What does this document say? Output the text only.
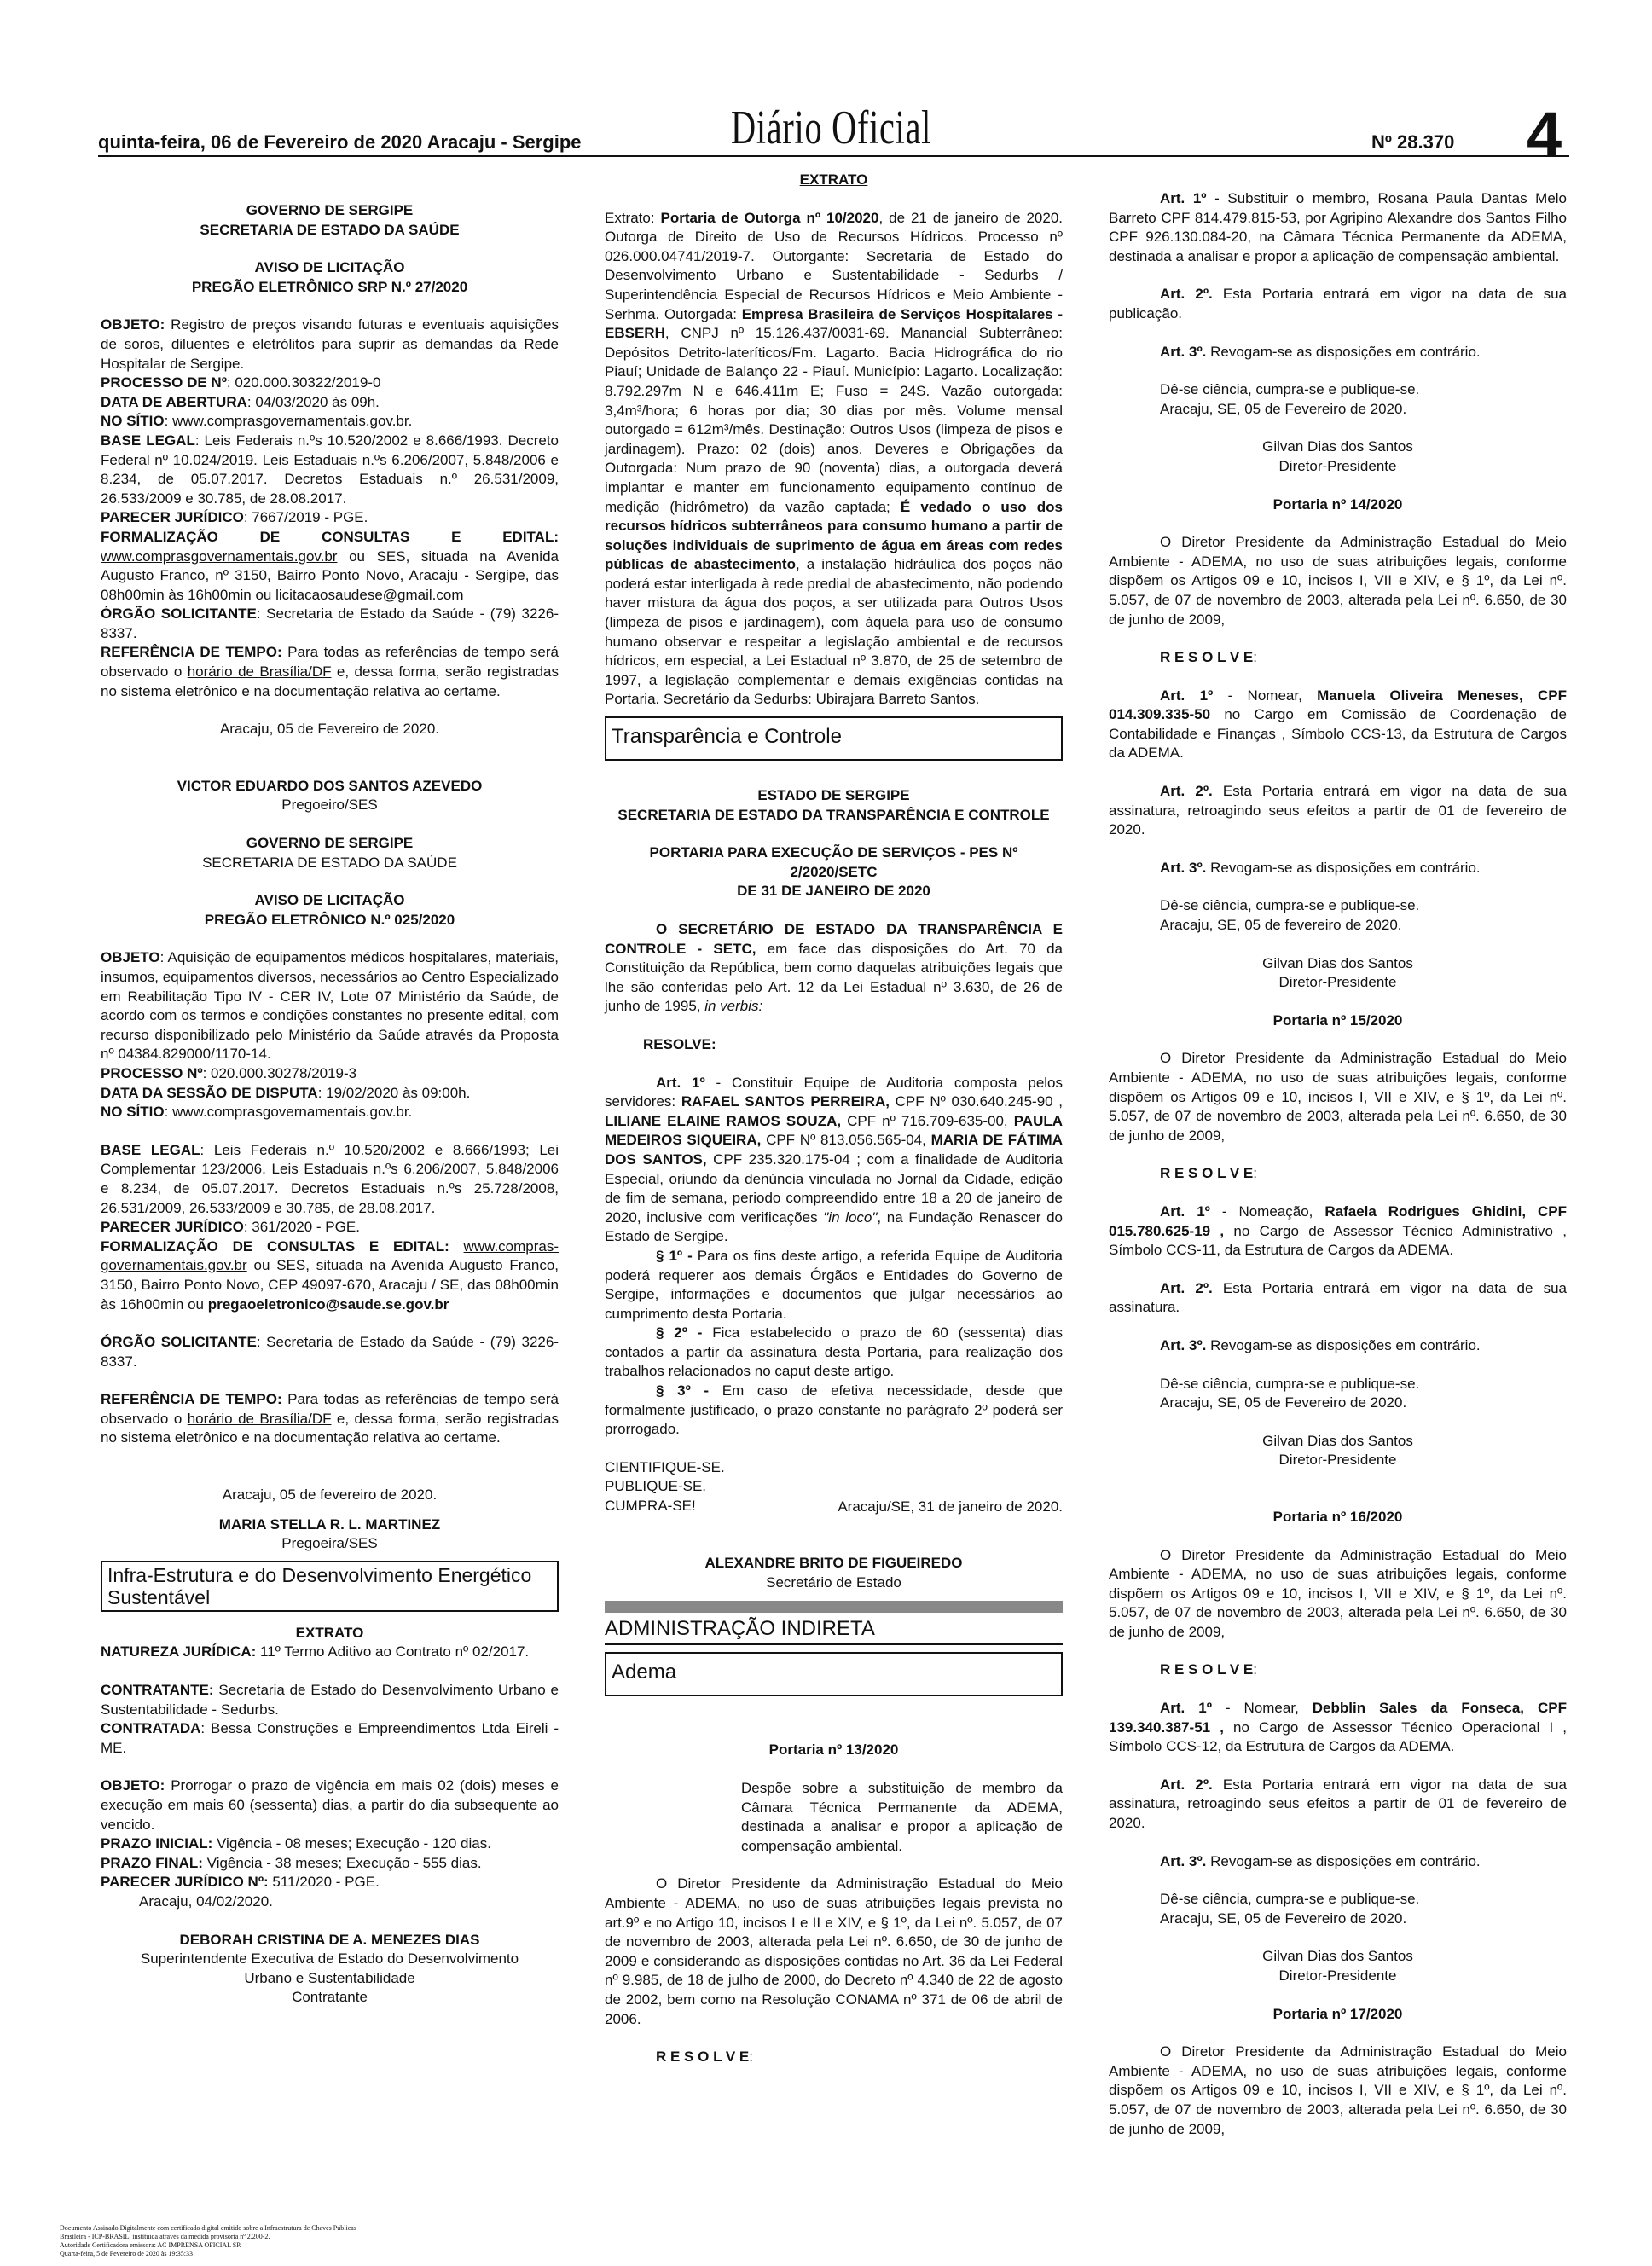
quinta-feira, 06 de Fevereiro de 2020 Aracaju - Sergipe	Diário Oficial	Nº 28.370 4

GOVERNO DE SERGIPE

SECRETARIA DE ESTADO DA SAÚDE

AVISO DE LICITAÇÃO

PREGÃO ELETRÔNICO SRP N.º 27/2020

OBJETO: Registro de preços visando futuras e eventuais aquisições de soros, diluentes e eletrólitos para suprir as demandas da Rede Hospitalar de Sergipe.

PROCESSO DE Nº: 020.000.30322/2019-0

DATA DE ABERTURA: 04/03/2020 às 09h.

NO SÍTIO: www.comprasgovernamentais.gov.br.

BASE LEGAL: Leis Federais n.ºs 10.520/2002 e 8.666/1993. Decreto Federal nº 10.024/2019. Leis Estaduais n.ºs 6.206/2007, 5.848/2006 e 8.234, de 05.07.2017. Decretos Estaduais n.º 26.531/2009, 26.533/2009 e 30.785, de 28.08.2017.

PARECER JURÍDICO: 7667/2019 - PGE.

FORMALIZAÇÃO DE CONSULTAS E EDITAL: www.comprasgovernamentais.gov.br ou SES, situada na Avenida Augusto Franco, nº 3150, Bairro Ponto Novo, Aracaju - Sergipe, das 08h00min às 16h00min ou licitacaosaudese@gmail.com

ÓRGÃO SOLICITANTE: Secretaria de Estado da Saúde - (79) 3226-8337.

REFERÊNCIA DE TEMPO: Para todas as referências de tempo será observado o horário de Brasília/DF e, dessa forma, serão registradas no sistema eletrônico e na documentação relativa ao certame.

Aracaju, 05 de Fevereiro de 2020.

VICTOR EDUARDO DOS SANTOS AZEVEDO

Pregoeiro/SES

GOVERNO DE SERGIPE

SECRETARIA DE ESTADO DA SAÚDE

AVISO DE LICITAÇÃO

PREGÃO ELETRÔNICO N.º 025/2020

OBJETO: Aquisição de equipamentos médicos hospitalares, materiais, insumos, equipamentos diversos, necessários ao Centro Especializado em Reabilitação Tipo IV - CER IV, Lote 07 Ministério da Saúde, de acordo com os termos e condições constantes no presente edital, com recurso disponibilizado pelo Ministério da Saúde através da Proposta nº 04384.829000/1170-14.

PROCESSO Nº: 020.000.30278/2019-3

DATA DA SESSÃO DE DISPUTA: 19/02/2020 às 09:00h.

NO SÍTIO: www.comprasgovernamentais.gov.br.

BASE LEGAL: Leis Federais n.º 10.520/2002 e 8.666/1993; Lei Complementar 123/2006. Leis Estaduais n.ºs 6.206/2007, 5.848/2006 e 8.234, de 05.07.2017. Decretos Estaduais n.ºs 25.728/2008, 26.531/2009, 26.533/2009 e 30.785, de 28.08.2017.

PARECER JURÍDICO: 361/2020 - PGE.

FORMALIZAÇÃO DE CONSULTAS E EDITAL: www.compras-governamentais.gov.br ou SES, situada na Avenida Augusto Franco, 3150, Bairro Ponto Novo, CEP 49097-670, Aracaju / SE, das 08h00min às 16h00min ou pregaoeletronico@saude.se.gov.br

ÓRGÃO SOLICITANTE: Secretaria de Estado da Saúde - (79) 3226-8337.

REFERÊNCIA DE TEMPO: Para todas as referências de tempo será observado o horário de Brasília/DF e, dessa forma, serão registradas no sistema eletrônico e na documentação relativa ao certame.

Aracaju, 05 de fevereiro de 2020.

MARIA STELLA R. L. MARTINEZ

Pregoeira/SES

Infra-Estrutura e do Desenvolvimento Energético Sustentável

EXTRATO

NATUREZA JURÍDICA: 11º Termo Aditivo ao Contrato nº 02/2017.

CONTRATANTE: Secretaria de Estado do Desenvolvimento Urbano e Sustentabilidade - Sedurbs.

CONTRATADA: Bessa Construções e Empreendimentos Ltda Eireli - ME.

OBJETO: Prorrogar o prazo de vigência em mais 02 (dois) meses e execução em mais 60 (sessenta) dias, a partir do dia subsequente ao vencido.

PRAZO INICIAL: Vigência - 08 meses; Execução - 120 dias.

PRAZO FINAL: Vigência - 38 meses; Execução - 555 dias.

PARECER JURÍDICO Nº: 511/2020 - PGE.

Aracaju, 04/02/2020.

DEBORAH CRISTINA DE A. MENEZES DIAS

Superintendente Executiva de Estado do Desenvolvimento

Urbano e Sustentabilidade

Contratante

EXTRATO

Extrato: Portaria de Outorga nº 10/2020, de 21 de janeiro de 2020. Outorga de Direito de Uso de Recursos Hídricos. Processo nº 026.000.04741/2019-7. Outorgante: Secretaria de Estado do Desenvolvimento Urbano e Sustentabilidade - Sedurbs / Superintendência Especial de Recursos Hídricos e Meio Ambiente - Serhma. Outorgada: Empresa Brasileira de Serviços Hospitalares - EBSERH, CNPJ nº 15.126.437/0031-69. Manancial Subterrâneo: Depósitos Detrito-lateríticos/Fm. Lagarto. Bacia Hidrográfica do rio Piauí; Unidade de Balanço 22 - Piauí. Município: Lagarto. Localização: 8.792.297m N e 646.411m E; Fuso = 24S. Vazão outorgada: 3,4m³/hora; 6 horas por dia; 30 dias por mês. Volume mensal outorgado = 612m³/mês. Destinação: Outros Usos (limpeza de pisos e jardinagem). Prazo: 02 (dois) anos. Deveres e Obrigações da Outorgada: Num prazo de 90 (noventa) dias, a outorgada deverá implantar e manter em funcionamento equipamento contínuo de medição (hidrômetro) da vazão captada; É vedado o uso dos recursos hídricos subterrâneos para consumo humano a partir de soluções individuais de suprimento de água em áreas com redes públicas de abastecimento, a instalação hidráulica dos poços não poderá estar interligada à rede predial de abastecimento, não podendo haver mistura da água dos poços, a ser utilizada para Outros Usos (limpeza de pisos e jardinagem), com àquela para uso de consumo humano observar e respeitar a legislação ambiental e de recursos hídricos, em especial, a Lei Estadual nº 3.870, de 25 de setembro de 1997, a legislação complementar e demais exigências contidas na Portaria. Secretário da Sedurbs: Ubirajara Barreto Santos.

Transparência e Controle

ESTADO DE SERGIPE

SECRETARIA DE ESTADO DA TRANSPARÊNCIA E CONTROLE

PORTARIA PARA EXECUÇÃO DE SERVIÇOS - PES Nº 2/2020/SETC

DE 31 DE JANEIRO DE 2020

O SECRETÁRIO DE ESTADO DA TRANSPARÊNCIA E CONTROLE - SETC, em face das disposições do Art. 70 da Constituição da República, bem como daquelas atribuições legais que lhe são conferidas pelo Art. 12 da Lei Estadual nº 3.630, de 26 de junho de 1995, in verbis:

RESOLVE:

Art. 1º - Constituir Equipe de Auditoria composta pelos servidores: RAFAEL SANTOS PERREIRA, CPF Nº 030.640.245-90 , LILIANE ELAINE RAMOS SOUZA, CPF nº 716.709-635-00, PAULA MEDEIROS SIQUEIRA, CPF Nº 813.056.565-04, MARIA DE FÁTIMA DOS SANTOS, CPF 235.320.175-04 ; com a finalidade de Auditoria Especial, oriundo da denúncia vinculada no Jornal da Cidade, edição de fim de semana, periodo compreendido entre 18 a 20 de janeiro de 2020, inclusive com verificações "in loco", na Fundação Renascer do Estado de Sergipe.

§ 1º - Para os fins deste artigo, a referida Equipe de Auditoria poderá requerer aos demais Órgãos e Entidades do Governo de Sergipe, informações e documentos que julgar necessários ao cumprimento desta Portaria.

§ 2º - Fica estabelecido o prazo de 60 (sessenta) dias contados a partir da assinatura desta Portaria, para realização dos trabalhos relacionados no caput deste artigo.

§ 3º - Em caso de efetiva necessidade, desde que formalmente justificado, o prazo constante no parágrafo 2º poderá ser prorrogado.

CIENTIFIQUE-SE.

PUBLIQUE-SE.

CUMPRA-SE!	Aracaju/SE, 31 de janeiro de 2020.

ALEXANDRE BRITO DE FIGUEIREDO

Secretário de Estado

ADMINISTRAÇÃO INDIRETA
Adema

Portaria nº 13/2020

Despõe sobre a substituição de membro da Câmara Técnica Permanente da ADEMA, destinada a analisar e propor a aplicação de compensação ambiental.

O Diretor Presidente da Administração Estadual do Meio Ambiente - ADEMA, no uso de suas atribuições legais prevista no art.9º e no Artigo 10, incisos I e II e XIV, e § 1º, da Lei nº. 5.057, de 07 de novembro de 2003, alterada pela Lei nº. 6.650, de 30 de junho de 2009 e considerando as disposições contidas no Art. 36 da Lei Federal nº 9.985, de 18 de julho de 2000, do Decreto nº 4.340 de 22 de agosto de 2002, bem como na Resolução CONAMA nº 371 de 06 de abril de 2006.

R E S O L V E:

Art. 1º - Substituir o membro, Rosana Paula Dantas Melo Barreto CPF 814.479.815-53, por Agripino Alexandre dos Santos Filho CPF 926.130.084-20, na Câmara Técnica Permanente da ADEMA, destinada a analisar e propor a aplicação de compensação ambiental.

Art. 2º. Esta Portaria entrará em vigor na data de sua publicação.

Art. 3º. Revogam-se as disposições em contrário.

Dê-se ciência, cumpra-se e publique-se.

Aracaju, SE, 05 de Fevereiro de 2020.

Gilvan Dias dos Santos

Diretor-Presidente

Portaria nº 14/2020

O Diretor Presidente da Administração Estadual do Meio Ambiente - ADEMA, no uso de suas atribuições legais, conforme dispõem os Artigos 09 e 10, incisos I, VII e XIV, e § 1º, da Lei nº. 5.057, de 07 de novembro de 2003, alterada pela Lei nº. 6.650, de 30 de junho de 2009,

R E S O L V E:

Art. 1º - Nomear, Manuela Oliveira Meneses, CPF 014.309.335-50 no Cargo em Comissão de Coordenação de Contabilidade e Finanças , Símbolo CCS-13, da Estrutura de Cargos da ADEMA.

Art. 2º. Esta Portaria entrará em vigor na data de sua assinatura, retroagindo seus efeitos a partir de 01 de fevereiro de 2020.

Art. 3º. Revogam-se as disposições em contrário.

Dê-se ciência, cumpra-se e publique-se.

Aracaju, SE, 05 de fevereiro de 2020.

Gilvan Dias dos Santos

Diretor-Presidente

Portaria nº 15/2020

O Diretor Presidente da Administração Estadual do Meio Ambiente - ADEMA, no uso de suas atribuições legais, conforme dispõem os Artigos 09 e 10, incisos I, VII e XIV, e § 1º, da Lei nº. 5.057, de 07 de novembro de 2003, alterada pela Lei nº. 6.650, de 30 de junho de 2009,

R E S O L V E:

Art. 1º - Nomeação, Rafaela Rodrigues Ghidini, CPF 015.780.625-19 , no Cargo de Assessor Técnico Administrativo , Símbolo CCS-11, da Estrutura de Cargos da ADEMA.

Art. 2º. Esta Portaria entrará em vigor na data de sua assinatura.

Art. 3º. Revogam-se as disposições em contrário.

Dê-se ciência, cumpra-se e publique-se.

Aracaju, SE, 05 de Fevereiro de 2020.

Gilvan Dias dos Santos

Diretor-Presidente

Portaria nº 16/2020

O Diretor Presidente da Administração Estadual do Meio Ambiente - ADEMA, no uso de suas atribuições legais, conforme dispõem os Artigos 09 e 10, incisos I, VII e XIV, e § 1º, da Lei nº. 5.057, de 07 de novembro de 2003, alterada pela Lei nº. 6.650, de 30 de junho de 2009,

R E S O L V E:

Art. 1º - Nomear, Debblin Sales da Fonseca, CPF 139.340.387-51 , no Cargo de Assessor Técnico Operacional I , Símbolo CCS-12, da Estrutura de Cargos da ADEMA.

Art. 2º. Esta Portaria entrará em vigor na data de sua assinatura, retroagindo seus efeitos a partir de 01 de fevereiro de 2020.

Art. 3º. Revogam-se as disposições em contrário.

Dê-se ciência, cumpra-se e publique-se.

Aracaju, SE, 05 de Fevereiro de 2020.

Gilvan Dias dos Santos

Diretor-Presidente

Portaria nº 17/2020

O Diretor Presidente da Administração Estadual do Meio Ambiente - ADEMA, no uso de suas atribuições legais, conforme dispõem os Artigos 09 e 10, incisos I, VII e XIV, e § 1º, da Lei nº. 5.057, de 07 de novembro de 2003, alterada pela Lei nº. 6.650, de 30 de junho de 2009,

Documento Assinado Digitalmente com certificado digital emitido sobre a Infraestrutura de Chaves Públicas
Brasileira - ICP-BRASIL, instituída através da medida provisória nº 2.200-2.
Autoridade Certificadora emissora: AC IMPRENSA OFICIAL SP.
Quarta-feira, 5 de Fevereiro de 2020 às 19:35:33
